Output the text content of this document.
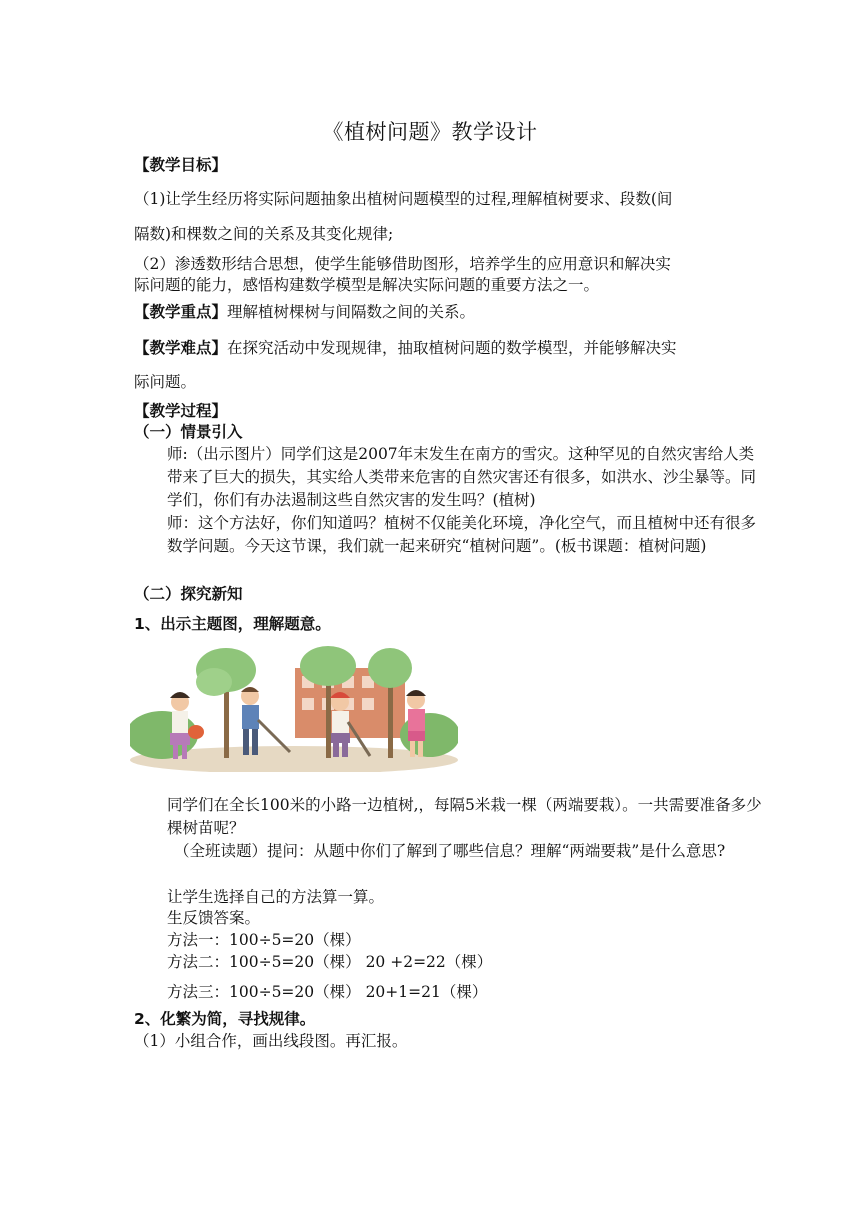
《植树问题》教学设计
【教学目标】
（1)让学生经历将实际问题抽象出植树问题模型的过程,理解植树要求、段数(间
隔数)和棵数之间的关系及其变化规律;
（2）渗透数形结合思想，使学生能够借助图形，培养学生的应用意识和解决实
际问题的能力，感悟构建数学模型是解决实际问题的重要方法之一。
【教学重点】理解植树棵树与间隔数之间的关系。
【教学难点】在探究活动中发现规律，抽取植树问题的数学模型，并能够解决实
际问题。
【教学过程】
（一）情景引入
师:（出示图片）同学们这是2007年末发生在南方的雪灾。这种罕见的自然灾害给人类带来了巨大的损失，其实给人类带来危害的自然灾害还有很多，如洪水、沙尘暴等。同学们，你们有办法遏制这些自然灾害的发生吗？(植树)
师：这个方法好，你们知道吗？植树不仅能美化环境，净化空气，而且植树中还有很多数学问题。今天这节课，我们就一起来研究“植树问题”。(板书课题：植树问题)
（二）探究新知
1、出示主题图，理解题意。
同学们在全长100米的小路一边植树,，每隔5米栽一棵（两端要栽）。一共需要准备多少棵树苗呢？
（全班读题）提问：从题中你们了解到了哪些信息？理解“两端要栽”是什么意思?
让学生选择自己的方法算一算。
生反馈答案。
方法一：100÷5=20（棵）
方法二：100÷5=20（棵） 20 +2=22（棵）
方法三：100÷5=20（棵） 20+1=21（棵）
2、化繁为简，寻找规律。
（1）小组合作，画出线段图。再汇报。
